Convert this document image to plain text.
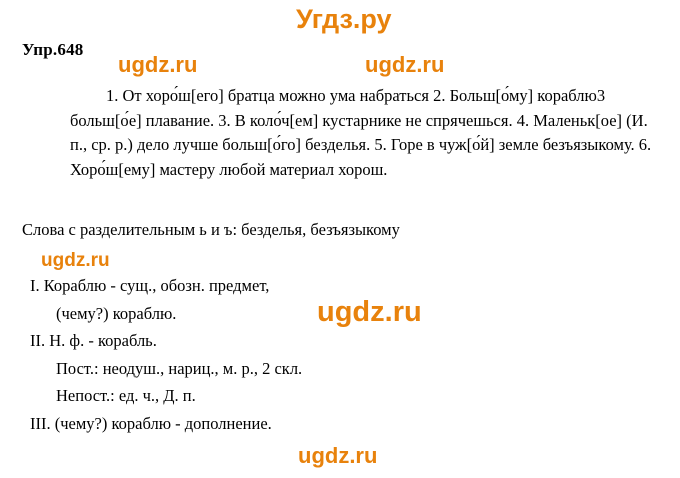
Угдз.ру
ugdz.ru	ugdz.ru
ugdz.ru
ugdz.ru
ugdz.ru
Упр.648
1. От хоро́ш[его] братца можно ума набраться 2. Больш[о́му] кораблю3 больш[о́е] плавание. 3. В коло́ч[ем] кустарнике не спрячешься. 4. Маленьк[ое] (И. п., ср. р.) дело лучше больш[о́го] безделья. 5. Горе в чуж[о́й] земле безъязыкому. 6. Хоро́ш[ему] мастеру любой материал хорош.
Слова с разделительным ь и ъ: безделья, безъязыкому
I. Кораблю - сущ., обозн. предмет,
(чему?) кораблю.
II. Н. ф. - корабль.
Пост.: неодуш., нариц., м. р., 2 скл.
Непост.: ед. ч., Д. п.
III. (чему?) кораблю - дополнение.
